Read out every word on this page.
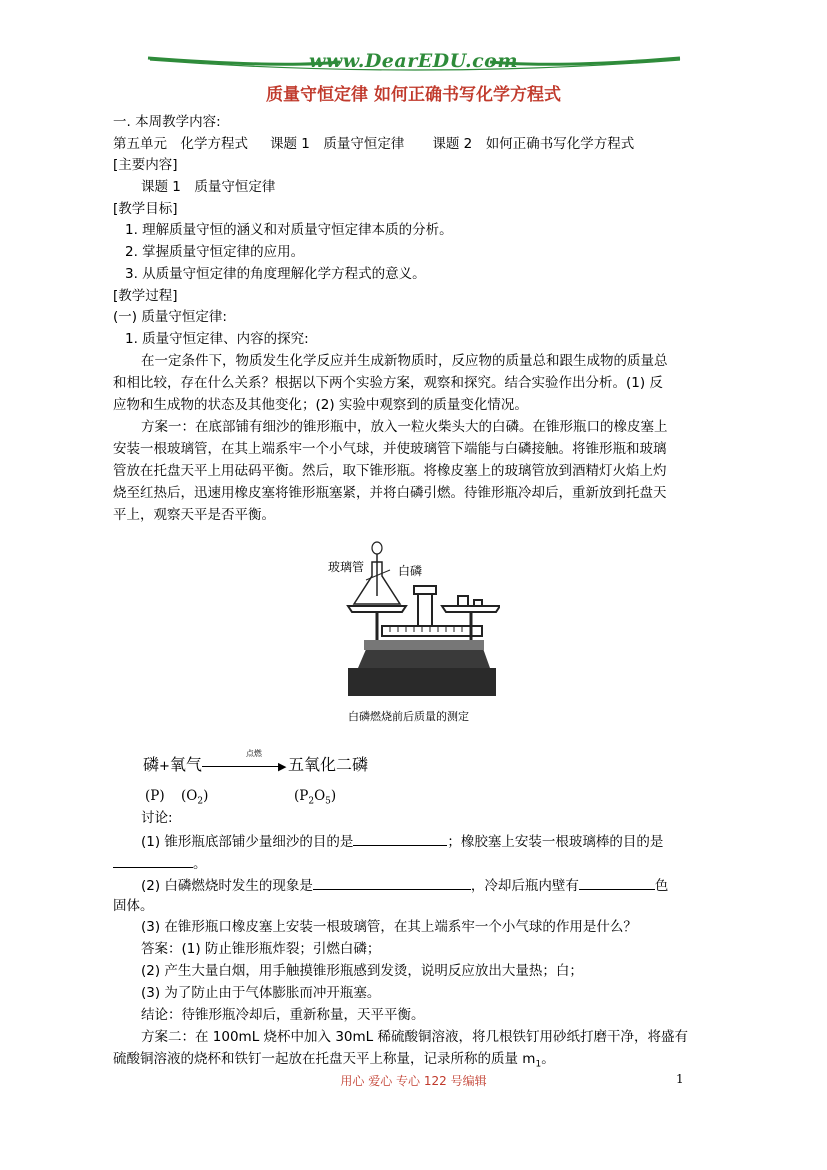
www.DearEDU.com
质量守恒定律 如何正确书写化学方程式
一. 本周教学内容:
第五单元　化学方程式 课题 1　质量守恒定律 课题 2　如何正确书写化学方程式
[主要内容]
课题 1　质量守恒定律
[教学目标]
1. 理解质量守恒的涵义和对质量守恒定律本质的分析。
2. 掌握质量守恒定律的应用。
3. 从质量守恒定律的角度理解化学方程式的意义。
[教学过程]
(一) 质量守恒定律:
1. 质量守恒定律、内容的探究:
在一定条件下，物质发生化学反应并生成新物质时，反应物的质量总和跟生成物的质量总
和相比较，存在什么关系？根据以下两个实验方案，观察和探究。结合实验作出分析。(1) 反
应物和生成物的状态及其他变化；(2) 实验中观察到的质量变化情况。
方案一：在底部铺有细沙的锥形瓶中，放入一粒火柴头大的白磷。在锥形瓶口的橡皮塞上
安装一根玻璃管，在其上端系牢一个小气球，并使玻璃管下端能与白磷接触。将锥形瓶和玻璃
管放在托盘天平上用砝码平衡。然后，取下锥形瓶。将橡皮塞上的玻璃管放到酒精灯火焰上灼
烧至红热后，迅速用橡皮塞将锥形瓶塞紧，并将白磷引燃。待锥形瓶冷却后，重新放到托盘天
平上，观察天平是否平衡。
玻璃管	白磷
白磷燃烧前后质量的测定
磷+氧气
点燃
▶ 五氧化二磷
(P) $(O_2)$	$(P_2O_5)$
讨论:
(1) 锥形瓶底部铺少量细沙的目的是	；橡胶塞上安装一根玻璃棒的目的是
。
(2) 白磷燃烧时发生的现象是	，冷却后瓶内壁有	色
固体。
(3) 在锥形瓶口橡皮塞上安装一根玻璃管，在其上端系牢一个小气球的作用是什么？
答案：(1) 防止锥形瓶炸裂；引燃白磷；
(2) 产生大量白烟，用手触摸锥形瓶感到发烫，说明反应放出大量热；白；
(3) 为了防止由于气体膨胀而冲开瓶塞。
结论：待锥形瓶冷却后，重新称量，天平平衡。
方案二：在 100mL 烧杯中加入 30mL 稀硫酸铜溶液，将几根铁钉用砂纸打磨干净，将盛有
硫酸铜溶液的烧杯和铁钉一起放在托盘天平上称量，记录所称的质量 $m_1$。
用心 爱心 专心 122 号编辑	1
